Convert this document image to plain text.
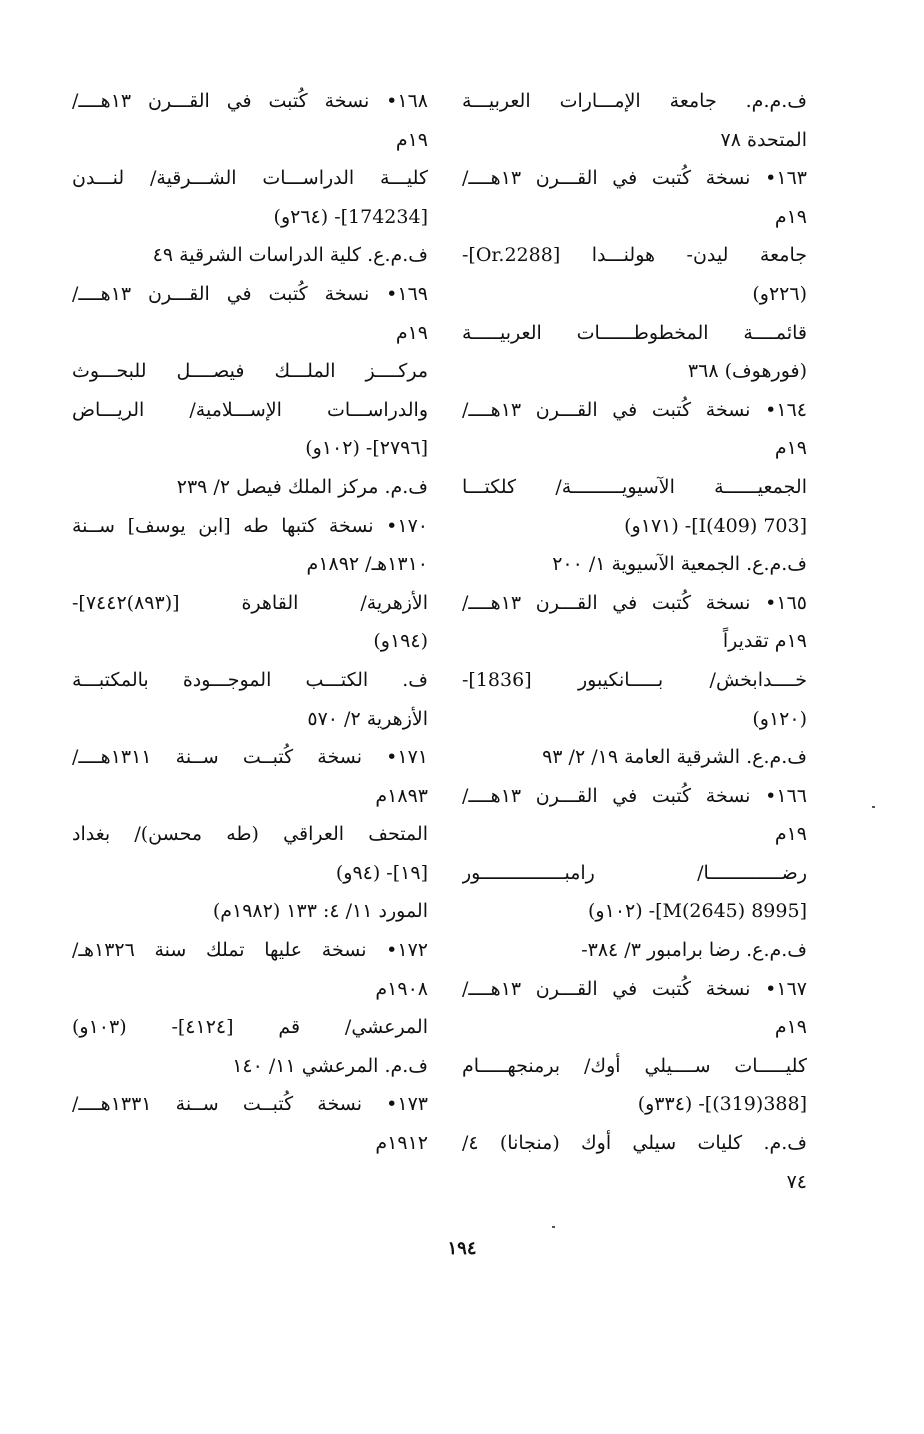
ف.م.م. جامعة الإمـــارات العربيـــة
المتحدة ٧٨
١٦٣• نسخة كُتبت في القـــرن ١٣هــــ/
١٩م
جامعة ليدن- هولنـــدا [Or.2288]-
(٢٢٦و)
قائمــــة المخطوطــــــات العربيـــــة
(فورهوف) ٣٦٨
١٦٤• نسخة كُتبت في القـــرن ١٣هــــ/
١٩م
الجمعيــــــة الآسيويـــــــــة/ كلكتـــا
[703 I(409)]- (١٧١و)
ف.م.ع. الجمعية الآسيوية ١/ ٢٠٠
١٦٥• نسخة كُتبت في القـــرن ١٣هــــ/
١٩م تقديراً
خــــدابخش/ بـــــانكيبور [1836]-
(١٢٠و)
ف.م.ع. الشرقية العامة ١٩/ ٢/ ٩٣
١٦٦• نسخة كُتبت في القـــرن ١٣هــــ/
١٩م
رضـــــــــــــا/ رامبـــــــــــــــور
[8995 M(2645)]- (١٠٢و)
ف.م.ع. رضا برامبور ٣/ ٣٨٤-
١٦٧• نسخة كُتبت في القـــرن ١٣هــــ/
١٩م
كليـــــات ســــيلي أوك/ برمنجهـــــام
[388(319)]- (٣٣٤و)
ف.م. كليات سيلي أوك (منجانا) ٤/
٧٤
١٦٨• نسخة كُتبت في القـــرن ١٣هــــ/
١٩م
كليـــة الدراســـات الشـــرقية/ لنـــدن
[174234]- (٢٦٤و)
ف.م.ع. كلية الدراسات الشرقية ٤٩
١٦٩• نسخة كُتبت في القـــرن ١٣هــــ/
١٩م
مركــــز الملـــك فيصــــل للبحـــوث
والدراســـات الإســـلامية/ الريـــاض
[٢٧٩٦]- (١٠٢و)
ف.م. مركز الملك فيصل ٢/ ٢٣٩
١٧٠• نسخة كتبها طه [ابن يوسف] ســنة
١٣١٠هـ/ ١٨٩٢م
الأزهرية/ القاهرة [(٨٩٣)٧٤٤٢]-
(١٩٤و)
ف. الكتـــب الموجـــودة بالمكتبـــة
الأزهرية ٢/ ٥٧٠
١٧١• نسخة كُتبــت ســنة ١٣١١هــــ/
١٨٩٣م
المتحف العراقي (طه محسن)/ بغداد
[١٩]- (٩٤و)
المورد ١١/ ٤: ١٣٣ (١٩٨٢م)
١٧٢• نسخة عليها تملك سنة ١٣٢٦هـ/
١٩٠٨م
المرعشي/ قم [٤١٢٤]- (١٠٣و)
ف.م. المرعشي ١١/ ١٤٠
١٧٣• نسخة كُتبــت ســنة ١٣٣١هــــ/
١٩١٢م
١٩٤
